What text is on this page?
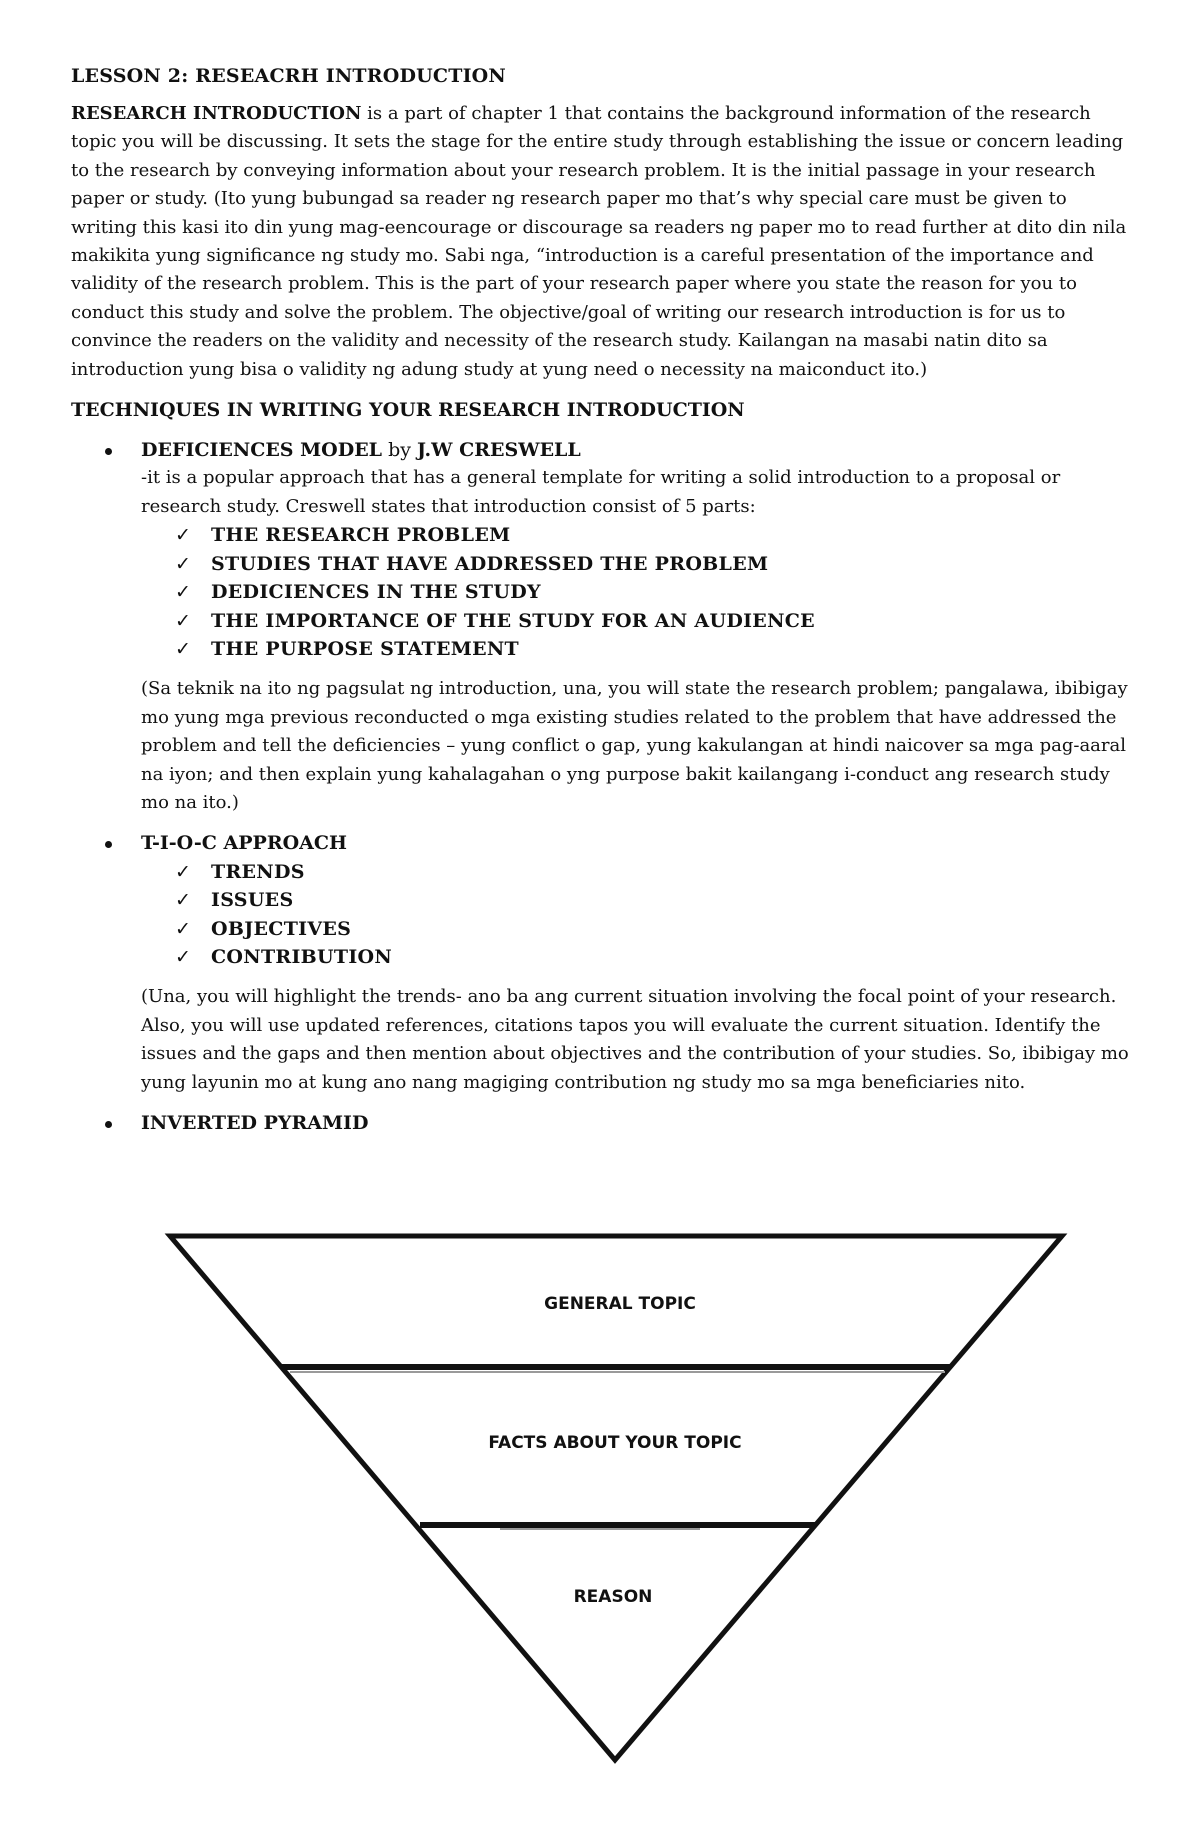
LESSON 2: RESEACRH INTRODUCTION

RESEARCH INTRODUCTION is a part of chapter 1 that contains the background information of the research topic you will be discussing. It sets the stage for the entire study through establishing the issue or concern leading to the research by conveying information about your research problem. It is the initial passage in your research paper or study. (Ito yung bubungad sa reader ng research paper mo that’s why special care must be given to writing this kasi ito din yung mag-eencourage or discourage sa readers ng paper mo to read further at dito din nila makikita yung significance ng study mo. Sabi nga, “introduction is a careful presentation of the importance and validity of the research problem. This is the part of your research paper where you state the reason for you to conduct this study and solve the problem. The objective/goal of writing our research introduction is for us to convince the readers on the validity and necessity of the research study. Kailangan na masabi natin dito sa introduction yung bisa o validity ng adung study at yung need o necessity na maiconduct ito.)

TECHNIQUES IN WRITING YOUR RESEARCH INTRODUCTION
DEFICIENCES MODEL by J.W CRESWELL
-it is a popular approach that has a general template for writing a solid introduction to a proposal or research study. Creswell states that introduction consist of 5 parts:
✓ THE RESEARCH PROBLEM
✓ STUDIES THAT HAVE ADDRESSED THE PROBLEM
✓ DEDICIENCES IN THE STUDY
✓ THE IMPORTANCE OF THE STUDY FOR AN AUDIENCE
✓ THE PURPOSE STATEMENT

(Sa teknik na ito ng pagsulat ng introduction, una, you will state the research problem; pangalawa, ibibigay mo yung mga previous reconducted o mga existing studies related to the problem that have addressed the problem and tell the deficiencies – yung conflict o gap, yung kakulangan at hindi naicover sa mga pag-aaral na iyon; and then explain yung kahalagahan o yng purpose bakit kailangang i-conduct ang research study mo na ito.)

T-I-O-C APPROACH
✓ TRENDS
✓ ISSUES
✓ OBJECTIVES
✓ CONTRIBUTION

(Una, you will highlight the trends- ano ba ang current situation involving the focal point of your research. Also, you will use updated references, citations tapos you will evaluate the current situation. Identify the issues and the gaps and then mention about objectives and the contribution of your studies. So, ibibigay mo yung layunin mo at kung ano nang magiging contribution ng study mo sa mga beneficiaries nito.

INVERTED PYRAMID
GENERAL TOPIC
FACTS ABOUT YOUR TOPIC
REASON
